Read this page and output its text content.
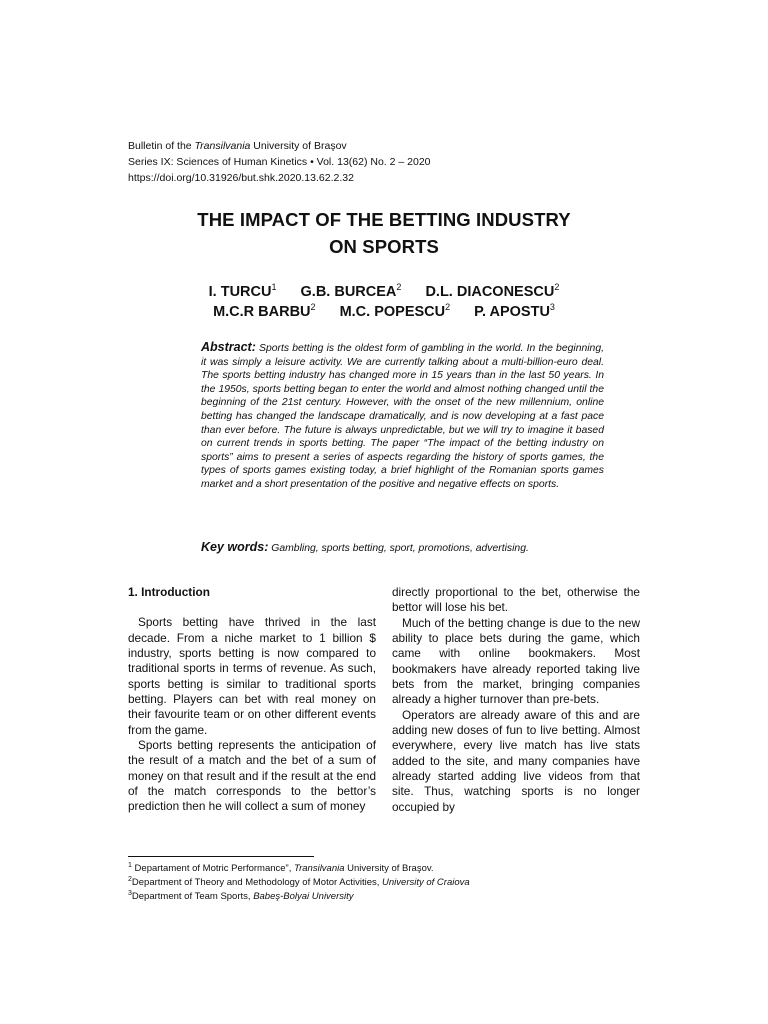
Bulletin of the Transilvania University of Braşov
Series IX: Sciences of Human Kinetics • Vol. 13(62) No. 2 – 2020
https://doi.org/10.31926/but.shk.2020.13.62.2.32
THE IMPACT OF THE BETTING INDUSTRY
ON SPORTS
I. TURCU$^1$ G.B. BURCEA$^2$ D.L. DIACONESCU$^2$
M.C.R BARBU$^2$ M.C. POPESCU$^2$ P. APOSTU$^3$
Abstract: Sports betting is the oldest form of gambling in the world. In the beginning, it was simply a leisure activity. We are currently talking about a multi-billion-euro deal. The sports betting industry has changed more in 15 years than in the last 50 years. In the 1950s, sports betting began to enter the world and almost nothing changed until the beginning of the 21st century. However, with the onset of the new millennium, online betting has changed the landscape dramatically, and is now developing at a fast pace than ever before. The future is always unpredictable, but we will try to imagine it based on current trends in sports betting. The paper “The impact of the betting industry on sports” aims to present a series of aspects regarding the history of sports games, the types of sports games existing today, a brief highlight of the Romanian sports games market and a short presentation of the positive and negative effects on sports.
Key words: Gambling, sports betting, sport, promotions, advertising.
1. Introduction

Sports betting have thrived in the last decade. From a niche market to 1 billion $ industry, sports betting is now compared to traditional sports in terms of revenue. As such, sports betting is similar to traditional sports betting. Players can bet with real money on their favourite team or on other different events from the game.

Sports betting represents the anticipation of the result of a match and the bet of a sum of money on that result and if the result at the end of the match corresponds to the bettor’s prediction then he will collect a sum of money

directly proportional to the bet, otherwise the bettor will lose his bet.

Much of the betting change is due to the new ability to place bets during the game, which came with online bookmakers. Most bookmakers have already reported taking live bets from the market, bringing companies already a higher turnover than pre-bets.

Operators are already aware of this and are adding new doses of fun to live betting. Almost everywhere, every live match has live stats added to the site, and many companies have already started adding live videos from that site. Thus, watching sports is no longer occupied by

$^1$ Departament of Motric Performance”, Transilvania University of Braşov.
$^2$Department of Theory and Methodology of Motor Activities, University of Craiova
$^3$Department of Team Sports, Babeş-Bolyai University
